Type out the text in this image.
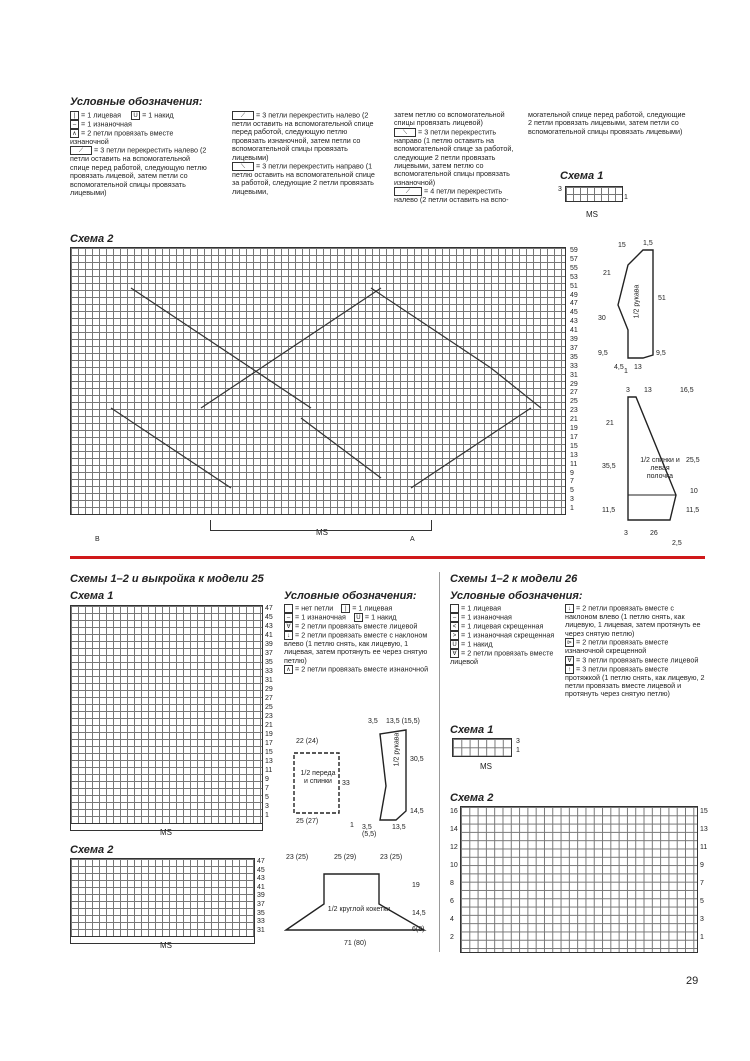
Условные обозначения:
| = 1 лицевая U = 1 накид
– = 1 изнаночная
∧ = 2 петли провязать вместе изнаночной
⟋ = 3 петли перекрестить налево (2 петли оставить на вспомогательной спице перед работой, следующую петлю провязать лицевой, затем петли со вспомогательной спицы провязать лицевыми)
⟋ = 3 петли перекрестить налево (2 петли оставить на вспомогательной спице перед работой, следующую петлю провязать изнаночной, затем петли со вспомогательной спицы провязать лицевыми)
⟍ = 3 петли перекрестить направо (1 петлю оставить на вспомогательной спице за работой, следующие 2 петли провязать лицевыми,
затем петлю со вспомогательной спицы провязать лицевой)
⟍ = 3 петли перекрестить направо (1 петлю оставить на вспомогательной спице за работой, следующие 2 петли провязать лицевыми, затем петлю со вспомогательной спицы провязать изнаночной)
⟋ = 4 петли перекрестить налево (2 петли оставить на вспо-
могательной спице перед работой, следующие 2 петли провязать лицевыми, затем петли со вспомогательной спицы провязать лицевыми)
Схема 1
3
1
MS
Схема 2
59
57
55
53
51
49
47
45
43
41
39
37
35
33
31
29
27
25
23
21
19
17
15
13
11
9
7
5
3
1
В	А
MS
1/2 рукава
15 1,5
21
51
30
9,5	9,5
4,5 13
1
1/2 спинки и левая полочка
3 13	16,5
21
25,5
35,5
10
11,5	11,5
3	26
2,5
Схемы 1–2 и выкройка к модели 25
Схема 1
47
45
43
41
39
37
35
33
31
29
27
25
23
21
19
17
15
13
11
9
7
5
3
1
MS
Схема 2
47
45
43
41
39
37
35
33
31
MS
Условные обозначения:
= нет петли | = 1 лицевая
– = 1 изнаночная U = 1 накид
∀ = 2 петли провязать вместе лицевой
↓ = 2 петли провязать вместе с наклоном влево (1 петлю снять, как лицевую, 1 лицевая, затем протянуть ее через снятую петлю)
∧ = 2 петли провязать вместе изнаночной
1/2 переда и спинки
22 (24)
33
25 (27)
1
1/2 рукава
3,5 13,5 (15,5)
30,5
14,5
3,5 (5,5)
13,5
1/2 круглой кокетки
23 (25)	25 (29)	23 (25)
19
14,5
6(8)
71 (80)
Схемы 1–2 к модели 26
Условные обозначения:
= 1 лицевая
– = 1 изнаночная
< = 1 лицевая скрещенная
> = 1 изнаночная скрещенная
U = 1 накид
∀ = 2 петли провязать вместе лицевой
↓ = 2 петли провязать вместе с наклоном влево (1 петлю снять, как лицевую, 1 лицевая, затем протянуть ее через снятую петлю)
⊳ = 2 петли провязать вместе изнаночной скрещенной
∀ = 3 петли провязать вместе лицевой
↑ = 3 петли провязать вместе протяжкой (1 петлю снять, как лицевую, 2 петли провязать вместе лицевой и протянуть через снятую петлю)
Схема 1
3
1
MS
Схема 2
15
13
11
9
7
5
3
1
16
14
12
10
8
6
4
2
29
